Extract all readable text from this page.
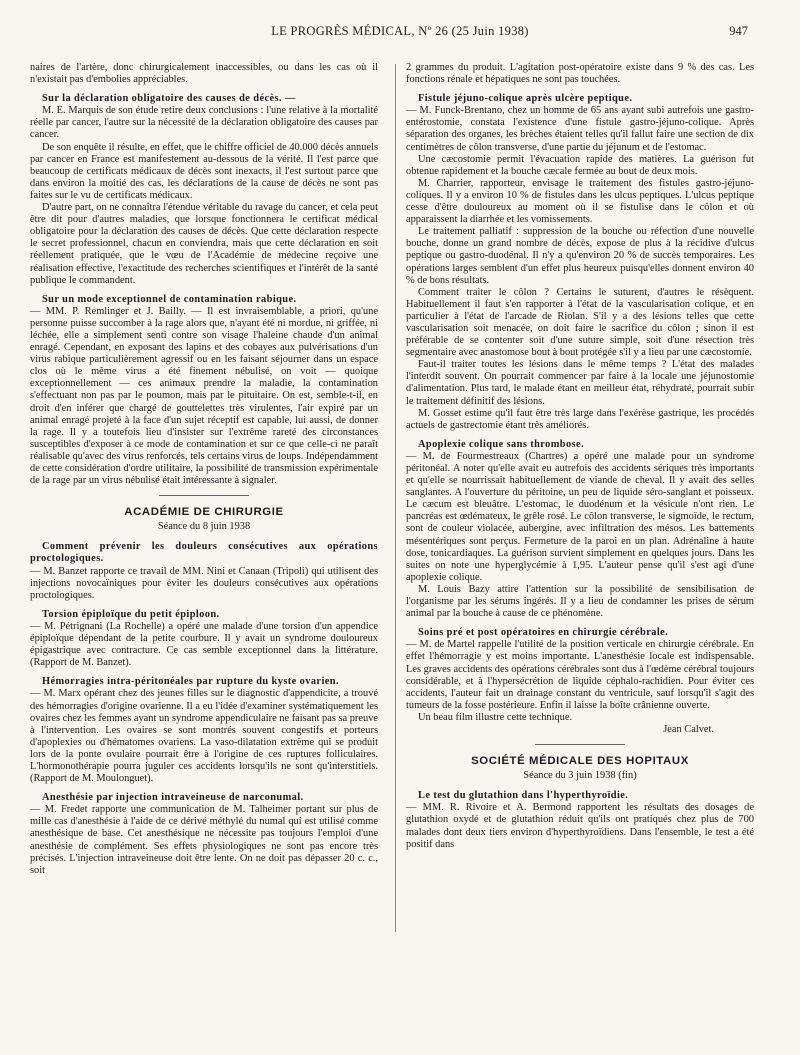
LE PROGRÈS MÉDICAL, Nº 26 (25 Juin 1938)	947

naires de l'artère, donc chirurgicalement inaccessibles, ou dans les cas où il n'existait pas d'embolies appréciables.

Sur la déclaration obligatoire des causes de décès. —

M. E. Marquis de son étude retire deux conclusions : l'une relative à la mortalité réelle par cancer, l'autre sur la nécessité de la déclaration obligatoire des causes par cancer.

De son enquête il résulte, en effet, que le chiffre officiel de 40.000 décès annuels par cancer en France est manifestement au-dessous de la vérité. Il l'est parce que beaucoup de certificats médicaux de décès sont inexacts, il l'est surtout parce que dans environ la moitié des cas, les déclarations de la cause de décès ne sont pas faites sur le vu de certificats médicaux.

D'autre part, on ne connaîtra l'étendue véritable du ravage du cancer, et cela peut être dit pour d'autres maladies, que lorsque fonctionnera le certificat médical obligatoire pour la déclaration des causes de décès. Que cette déclaration respecte le secret professionnel, chacun en conviendra, mais que cette déclaration en soit réellement pratiquée, que le vœu de l'Académie de médecine reçoive une réalisation effective, l'exactitude des recherches scientifiques et l'intérêt de la santé publique le commandent.

Sur un mode exceptionnel de contamination rabique.

— MM. P. Remlinger et J. Bailly. — Il est invraisemblable, a priori, qu'une personne puisse succomber à la rage alors que, n'ayant été ni mordue, ni griffée, ni léchée, elle a simplement senti contre son visage l'haleine chaude d'un animal enragé. Cependant, en exposant des lapins et des cobayes aux pulvérisations d'un virus rabique particulièrement agressif ou en les faisant séjourner dans un espace clos où le même virus a été finement nébulisé, on voit — quoique exceptionnellement — ces animaux prendre la maladie, la contamination s'effectuant non pas par le poumon, mais par le pituitaire. On est, semble-t-il, en droit d'en inférer que chargé de gouttelettes très virulentes, l'air expiré par un animal enragé projeté à la face d'un sujet réceptif est capable, lui aussi, de donner la rage. Il y a toutefois lieu d'insister sur l'extrême rareté des circonstances susceptibles d'exposer à ce mode de contamination et sur ce que celle-ci ne paraît réalisable qu'avec des virus renforcés, tels certains virus de loups. Indépendamment de cette considération d'ordre utilitaire, la possibilité de transmission expérimentale de la rage par un virus nébulisé était intéressante à signaler.

ACADÉMIE DE CHIRURGIE
Séance du 8 juin 1938

Comment prévenir les douleurs consécutives aux opérations proctologiques.

— M. Banzet rapporte ce travail de MM. Nini et Canaan (Tripoli) qui utilisent des injections novocaïniques pour éviter les douleurs consécutives aux opérations proctologiques.

Torsion épiploïque du petit épiploon.

— M. Pétrignani (La Rochelle) a opéré une malade d'une torsion d'un appendice épiploïque dépendant de la petite courbure. Il y avait un syndrome douloureux épigastrique avec contracture. Ce cas semble exceptionnel dans la littérature. (Rapport de M. Banzet).

Hémorragies intra-péritonéales par rupture du kyste ovarien.

— M. Marx opérant chez des jeunes filles sur le diagnostic d'appendicite, a trouvé des hémorragies d'origine ovarienne. Il a eu l'idée d'examiner systématiquement les ovaires chez les femmes ayant un syndrome appendiculaire ne faisant pas sa preuve à l'intervention. Les ovaires se sont montrés souvent congestifs et porteurs d'apoplexies ou d'hématomes ovariens. La vaso-dilatation extrême qui se produit lors de la ponte ovulaire pourrait être à l'origine de ces ruptures folliculaires. L'hormonothérapie pourra juguler ces accidents lorsqu'ils ne sont qu'interstitiels. (Rapport de M. Moulonguet).

Anesthésie par injection intraveineuse de narconumal.

— M. Fredet rapporte une communication de M. Talheimer portant sur plus de mille cas d'anesthésie à l'aide de ce dérivé méthylé du numal qui est utilisé comme anesthésique de base. Cet anesthésique ne nécessite pas toujours l'emploi d'une anesthésie de complément. Ses effets physiologiques ne sont pas encore très précisés. L'injection intraveineuse doit être lente. On ne doit pas dépasser 20 c. c., soit

2 grammes du produit. L'agitation post-opératoire existe dans 9 % des cas. Les fonctions rénale et hépatiques ne sont pas touchées.

Fistule jéjuno-colique après ulcère peptique.

— M. Funck-Brentano, chez un homme de 65 ans ayant subi autrefois une gastro-entérostomie, constata l'existence d'une fistule gastro-jéjuno-colique. Après séparation des organes, les brèches étaient telles qu'il fallut faire une section de dix centimètres de côlon transverse, d'une partie du jéjunum et de l'estomac.

Une cæcostomie permit l'évacuation rapide des matières. La guérison fut obtenue rapidement et la bouche cæcale fermée au bout de deux mois.

M. Charrier, rapporteur, envisage le traitement des fistules gastro-jéjuno-coliques. Il y a environ 10 % de fistules dans les ulcus peptiques. L'ulcus peptique cesse d'être douloureux au moment où il se fistulise dans le côlon et où apparaissent la diarrhée et les vomissements.

Le traitement palliatif : suppression de la bouche ou réfection d'une nouvelle bouche, donne un grand nombre de décès, expose de plus à la récidive d'ulcus peptique ou gastro-duodénal. Il n'y a qu'environ 20 % de succès temporaires. Les opérations larges semblent d'un effet plus heureux puisqu'elles donnent environ 40 % de bons résultats.

Comment traiter le côlon ? Certains le suturent, d'autres le résèquent. Habituellement il faut s'en rapporter à l'état de la vascularisation colique, et en particulier à l'état de l'arcade de Riolan. S'il y a des lésions telles que cette vascularisation soit menacée, on doit faire le sacrifice du côlon ; sinon il est préférable de se contenter soit d'une suture simple, soit d'une résection très segmentaire avec anastomose bout à bout protégée s'il y a lieu par une cæcostomie.

Faut-il traiter toutes les lésions dans le même temps ? L'état des malades l'interdit souvent. On pourrait commencer par faire à la locale une jéjunostomie d'alimentation. Plus tard, le malade étant en meilleur état, réhydraté, pourrait subir le traitement définitif des lésions.

M. Gosset estime qu'il faut être très large dans l'exérèse gastrique, les procédés actuels de gastrectomie étant très améliorés.

Apoplexie colique sans thrombose.

— M. de Fourmestreaux (Chartres) a opéré une malade pour un syndrome péritonéal. A noter qu'elle avait eu autrefois des accidents sériques très importants et qu'elle se nourrissait habituellement de viande de cheval. Il y avait des selles sanglantes. A l'ouverture du péritoine, un peu de liquide séro-sanglant et poisseux. Le cæcum est bleuâtre. L'estomac, le duodénum et la vésicule n'ont rien. Le pancréas est œdémateux, le grêle rosé. Le côlon transverse, le sigmoïde, le rectum, sont de couleur violacée, aubergine, avec infiltration des mésos. Les battements mésentériques sont perçus. Fermeture de la paroi en un plan. Adrénaline à haute dose, tonicardiaques. La guérison survient simplement en quelques jours. Dans les suites on note une hyperglycémie à 1,95. L'auteur pense qu'il s'est agi d'une apoplexie colique.

M. Louis Bazy attire l'attention sur la possibilité de sensibilisation de l'organisme par les sérums ingérés. Il y a lieu de condamner les prises de sérum animal par la bouche à cause de ce phénomène.

Soins pré et post opératoires en chirurgie cérébrale.

— M. de Martel rappelle l'utilité de la position verticale en chirurgie cérébrale. En effet l'hémorragie y est moins importante. L'anesthésie locale est indispensable. Les graves accidents des opérations cérébrales sont dus à l'œdème cérébral toujours considérable, et à l'hypersécrétion de liquide céphalo-rachidien. Pour éviter ces accidents, l'auteur fait un drainage constant du ventricule, sauf lorsqu'il s'agit des tumeurs de la fosse postérieure. Enfin il laisse la boîte crânienne ouverte.

Un beau film illustre cette technique.

Jean Calvet.

SOCIÉTÉ MÉDICALE DES HOPITAUX
Séance du 3 juin 1938 (fin)

Le test du glutathion dans l'hyperthyroïdie.

— MM. R. Rivoire et A. Bermond rapportent les résultats des dosages de glutathion oxydé et de glutathion réduit qu'ils ont pratiqués chez plus de 700 malades dont deux tiers environ d'hyperthyroïdiens. Dans l'ensemble, le test a été positif dans
